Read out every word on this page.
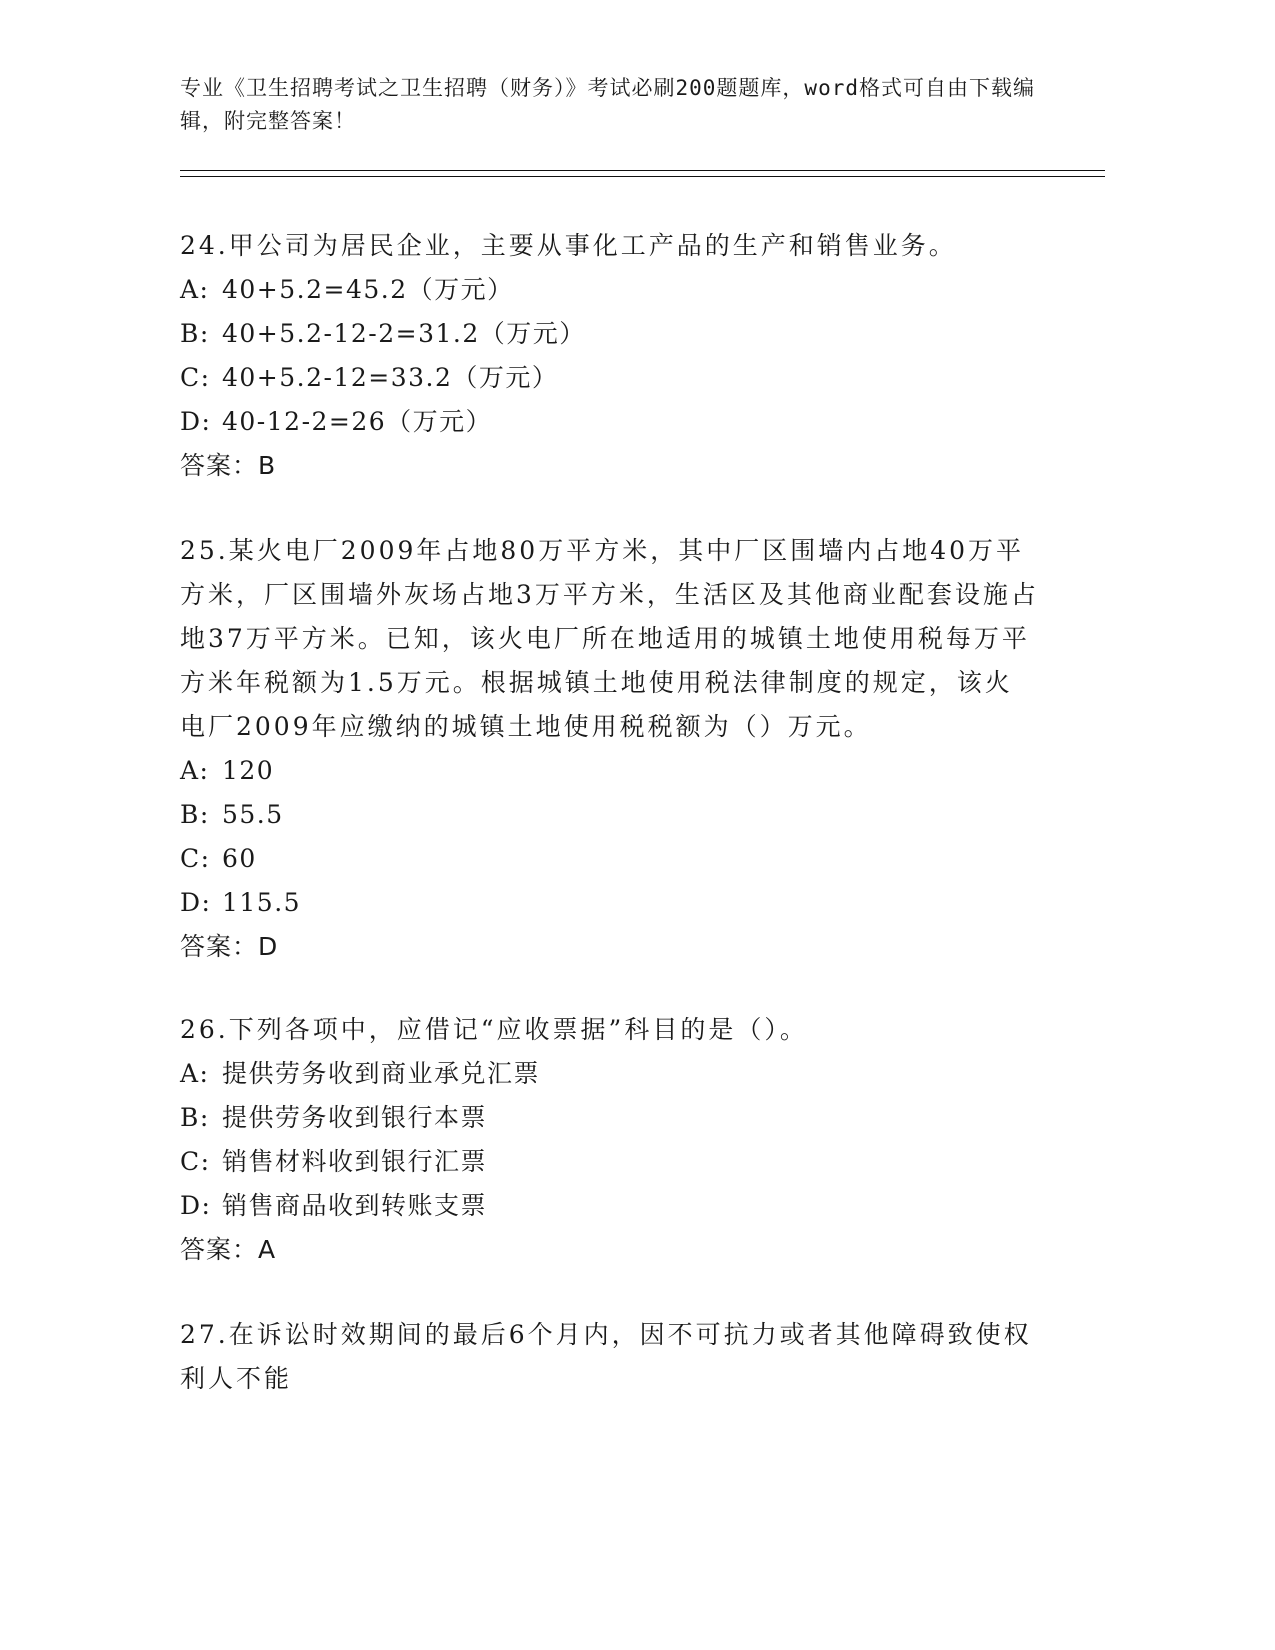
专业《卫生招聘考试之卫生招聘（财务）》考试必刷200题题库，word格式可自由下载编辑，附完整答案！

24.甲公司为居民企业，主要从事化工产品的生产和销售业务。

A: 40+5.2=45.2（万元）

B: 40+5.2-12-2=31.2（万元）

C: 40+5.2-12=33.2（万元）

D: 40-12-2=26（万元）

答案：B

25.某火电厂2009年占地80万平方米，其中厂区围墙内占地40万平方米，厂区围墙外灰场占地3万平方米，生活区及其他商业配套设施占地37万平方米。已知，该火电厂所在地适用的城镇土地使用税每万平方米年税额为1.5万元。根据城镇土地使用税法律制度的规定，该火电厂2009年应缴纳的城镇土地使用税税额为（）万元。

A: 120

B: 55.5

C: 60

D: 115.5

答案：D

26.下列各项中，应借记“应收票据”科目的是（）。

A: 提供劳务收到商业承兑汇票

B: 提供劳务收到银行本票

C: 销售材料收到银行汇票

D: 销售商品收到转账支票

答案：A

27.在诉讼时效期间的最后6个月内，因不可抗力或者其他障碍致使权利人不能
